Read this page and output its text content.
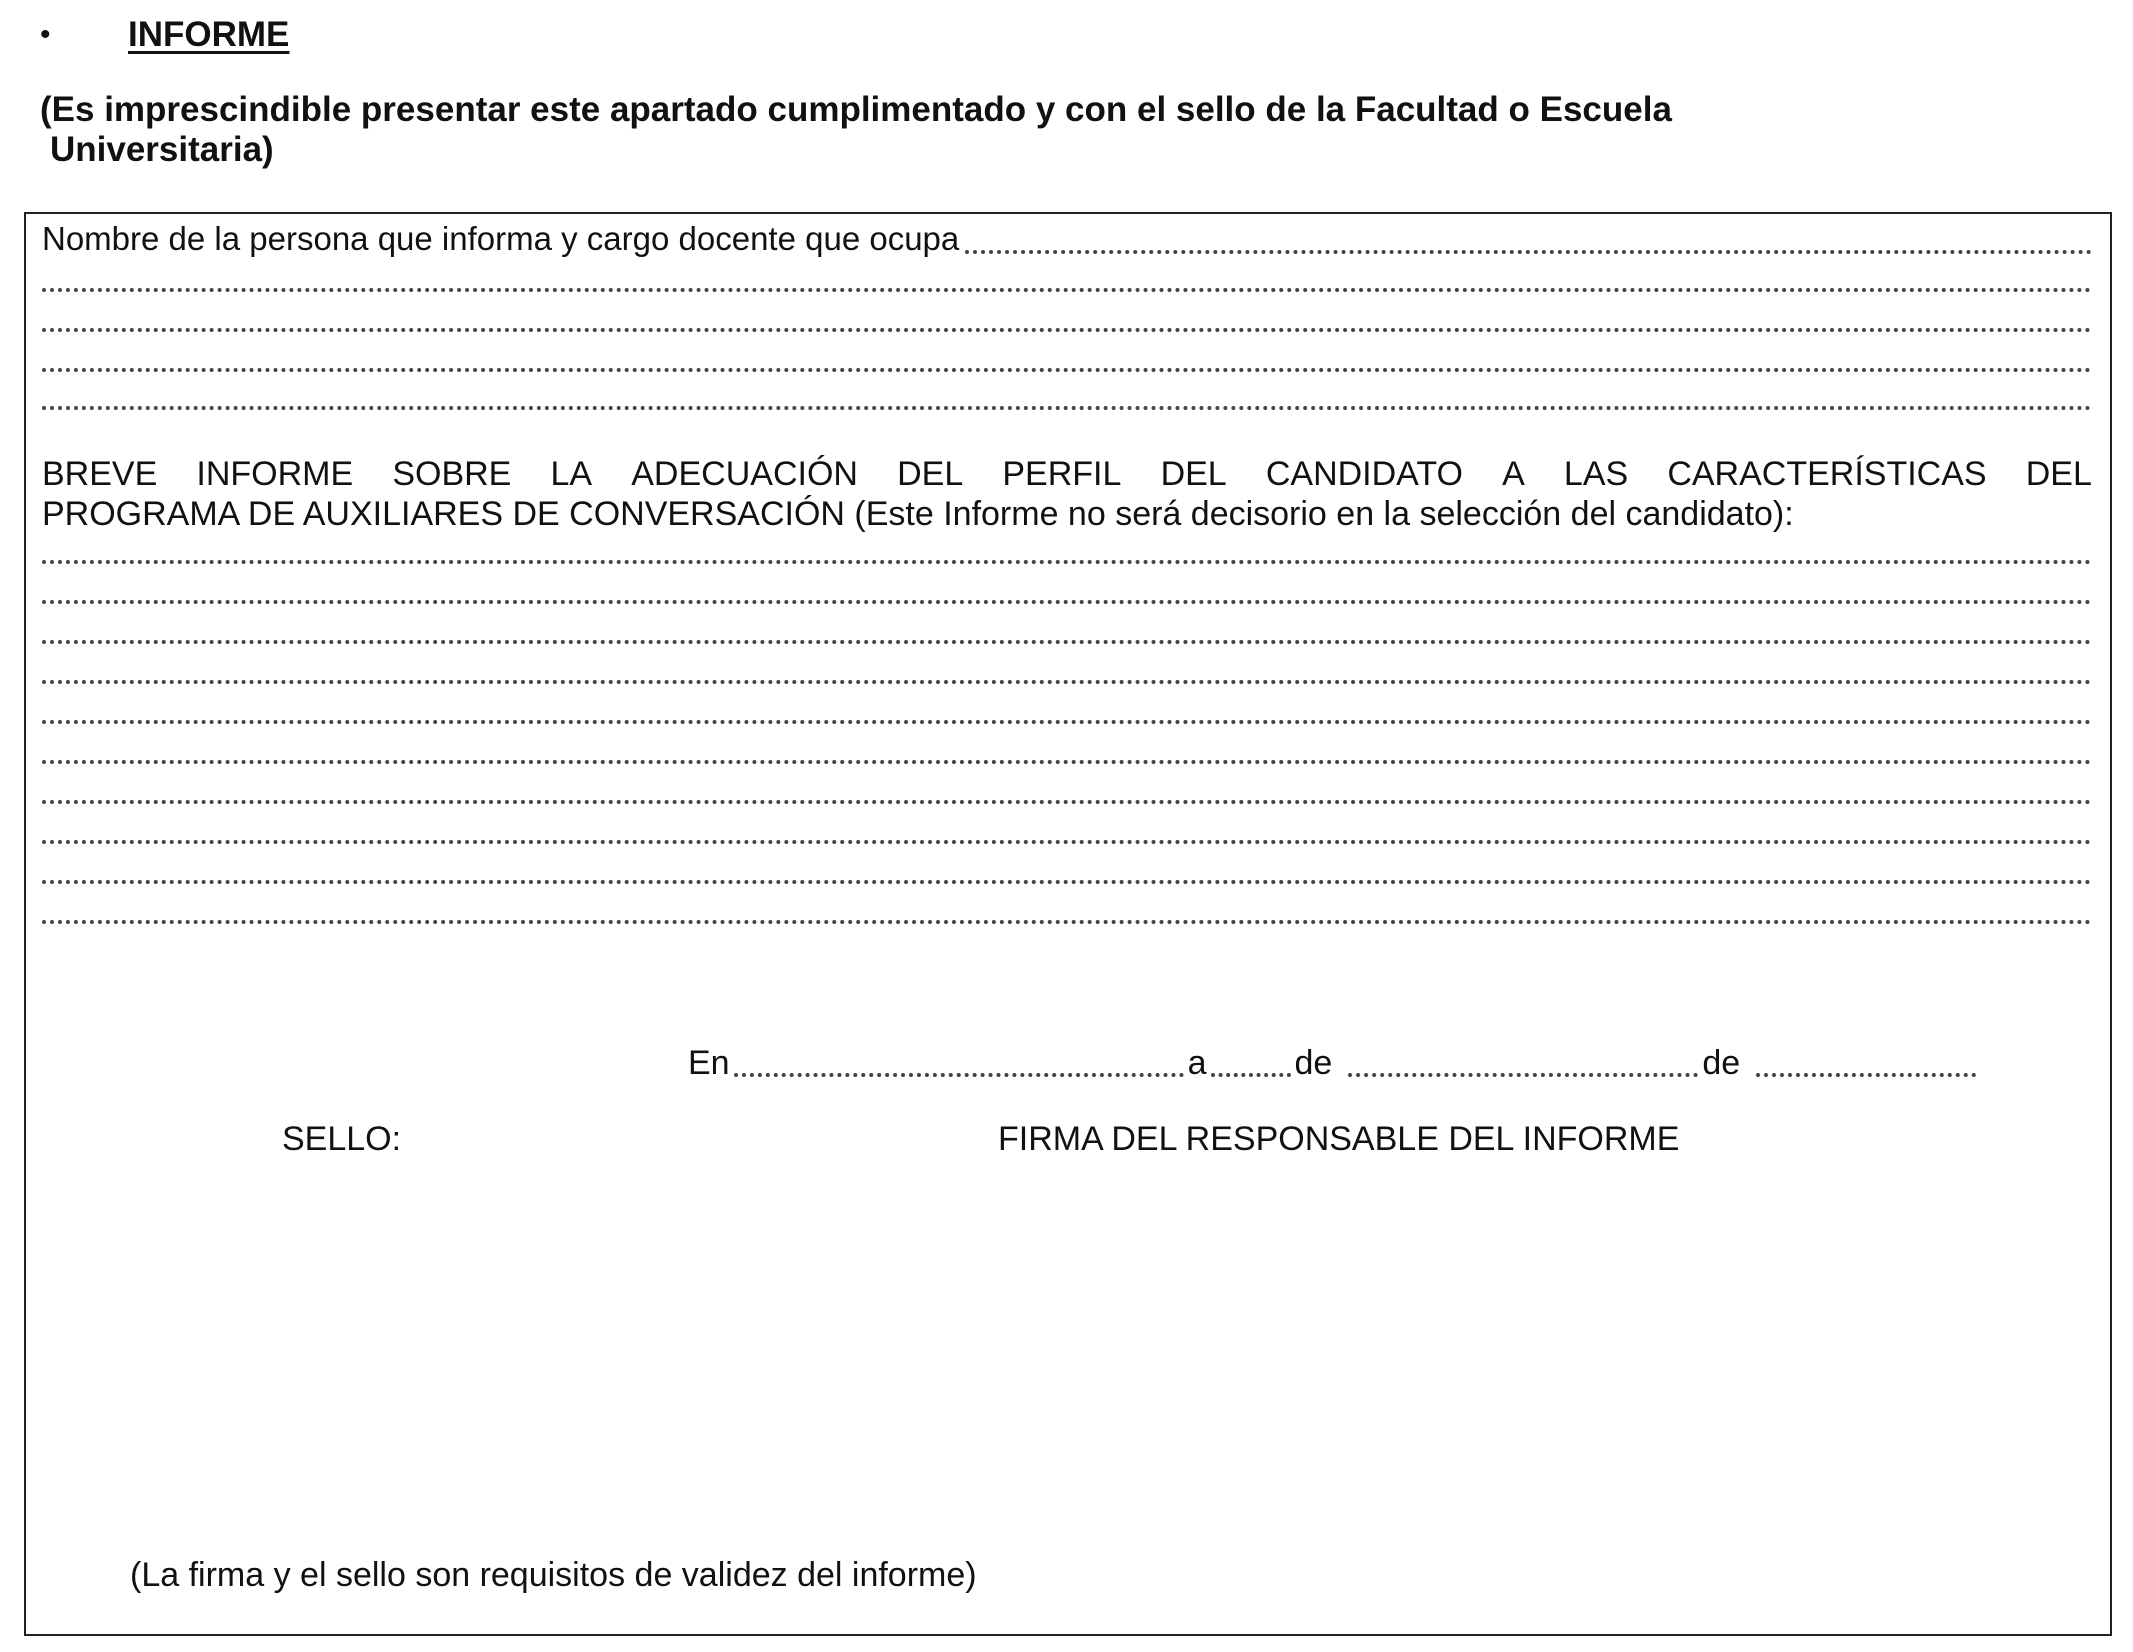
•	INFORME
(Es imprescindible presentar este apartado cumplimentado y con el sello de la Facultad o Escuela
Universitaria)
Nombre de la persona que informa y cargo docente que ocupa
BREVE INFORME SOBRE LA ADECUACIÓN DEL PERFIL DEL CANDIDATO A LAS CARACTERÍSTICAS DEL
PROGRAMA DE AUXILIARES DE CONVERSACIÓN (Este Informe no será decisorio en la selección del candidato):
En	a	de	de
SELLO:	FIRMA DEL RESPONSABLE DEL INFORME
(La firma y el sello son requisitos de validez del informe)
